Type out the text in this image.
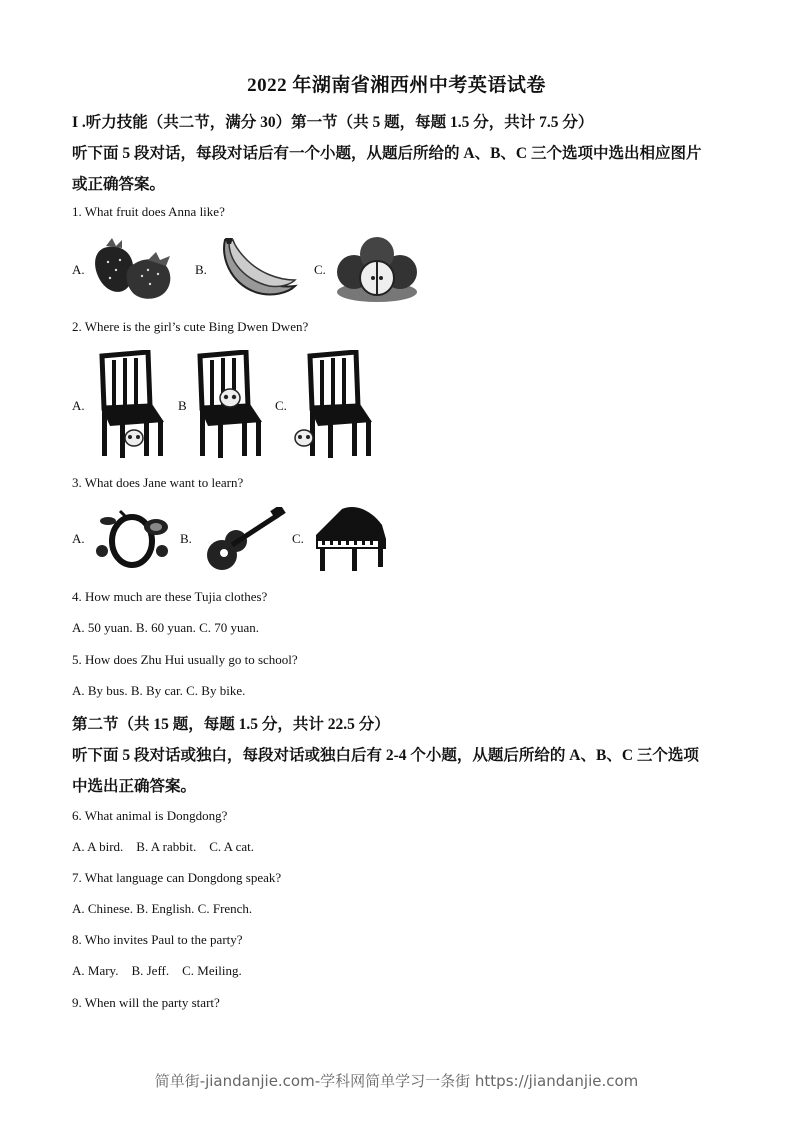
2022 年湖南省湘西州中考英语试卷
I .听力技能（共二节，满分 30）第一节（共 5 题，每题 1.5 分，共计 7.5 分）
听下面 5 段对话，每段对话后有一个小题，从题后所给的 A、B、C 三个选项中选出相应图片
或正确答案。
1. What fruit does Anna like?
A.	B.	C.
2. Where is the girl’s cute Bing Dwen Dwen?
A.	B	C.
3. What does Jane want to learn?
A.	B.	C.
4. How much are these Tujia clothes?
A. 50 yuan. B. 60 yuan. C. 70 yuan.
5. How does Zhu Hui usually go to school?
A. By bus. B. By car. C. By bike.
第二节（共 15 题，每题 1.5 分，共计 22.5 分）
听下面 5 段对话或独白，每段对话或独白后有 2-4 个小题，从题后所给的 A、B、C 三个选项
中选出正确答案。
6. What animal is Dongdong?
A. A bird.    B. A rabbit.    C. A cat.
7. What language can Dongdong speak?
A. Chinese. B. English. C. French.
8. Who invites Paul to the party?
A. Mary.    B. Jeff.    C. Meiling.
9. When will the party start?
简单街-jiandanjie.com-学科网简单学习一条街 https://jiandanjie.com
